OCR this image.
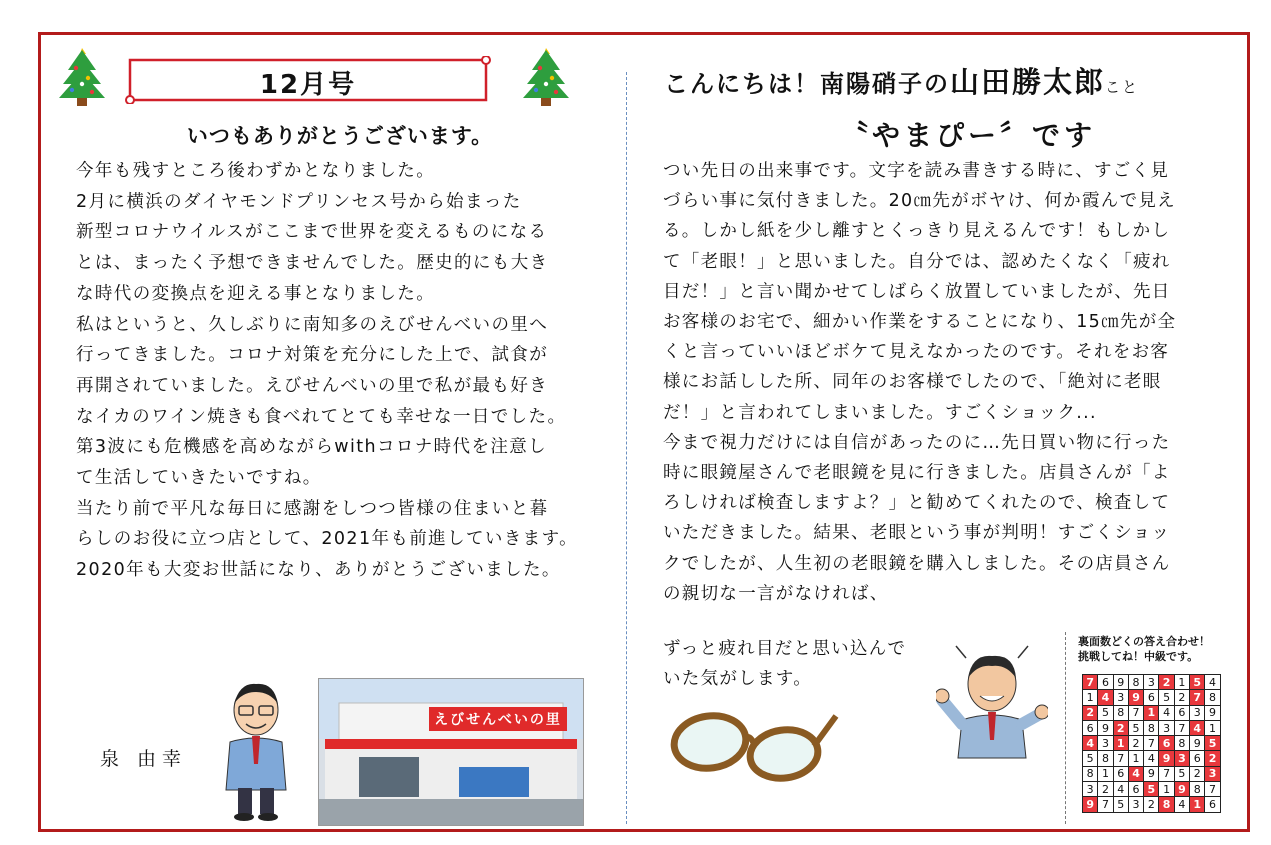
12月号
いつもありがとうございます。

今年も残すところ後わずかとなりました。

2月に横浜のダイヤモンドプリンセス号から始まった

新型コロナウイルスがここまで世界を変えるものになる

とは、まったく予想できませんでした。歴史的にも大き

な時代の変換点を迎える事となりました。

私はというと、久しぶりに南知多のえびせんべいの里へ

行ってきました。コロナ対策を充分にした上で、試食が

再開されていました。えびせんべいの里で私が最も好き

なイカのワイン焼きも食べれてとても幸せな一日でした。

第3波にも危機感を高めながらwithコロナ時代を注意し

て生活していきたいですね。

当たり前で平凡な毎日に感謝をしつつ皆様の住まいと暮

らしのお役に立つ店として、2021年も前進していきます。

2020年も大変お世話になり、ありがとうございました。

泉 由幸
えびせんべいの里
こんにちは！南陽硝子の山田勝太郎こと
〝やまぴー〞です

つい先日の出来事です。文字を読み書きする時に、すごく見

づらい事に気付きました。20㎝先がボヤけ、何か霞んで見え

る。しかし紙を少し離すとくっきり見えるんです！もしかし

て「老眼！」と思いました。自分では、認めたくなく「疲れ

目だ！」と言い聞かせてしばらく放置していましたが、先日

お客様のお宅で、細かい作業をすることになり、15㎝先が全

くと言っていいほどボケて見えなかったのです。それをお客

様にお話しした所、同年のお客様でしたので、「絶対に老眼

だ！」と言われてしまいました。すごくショック...

今まで視力だけには自信があったのに…先日買い物に行った

時に眼鏡屋さんで老眼鏡を見に行きました。店員さんが「よ

ろしければ検査しますよ？」と勧めてくれたので、検査して

いただきました。結果、老眼という事が判明！すごくショッ

クでしたが、人生初の老眼鏡を購入しました。その店員さん

の親切な一言がなければ、

ずっと疲れ目だと思い込んで

いた気がします。

裏面数どくの答え合わせ！
挑戦してね！中級です。
7	6	9	8	3	2	1	5	4
1	4	3	9	6	5	2	7	8
2	5	8	7	1	4	6	3	9
6	9	2	5	8	3	7	4	1
4	3	1	2	7	6	8	9	5
5	8	7	1	4	9	3	6	2
8	1	6	4	9	7	5	2	3
3	2	4	6	5	1	9	8	7
9	7	5	3	2	8	4	1	6
